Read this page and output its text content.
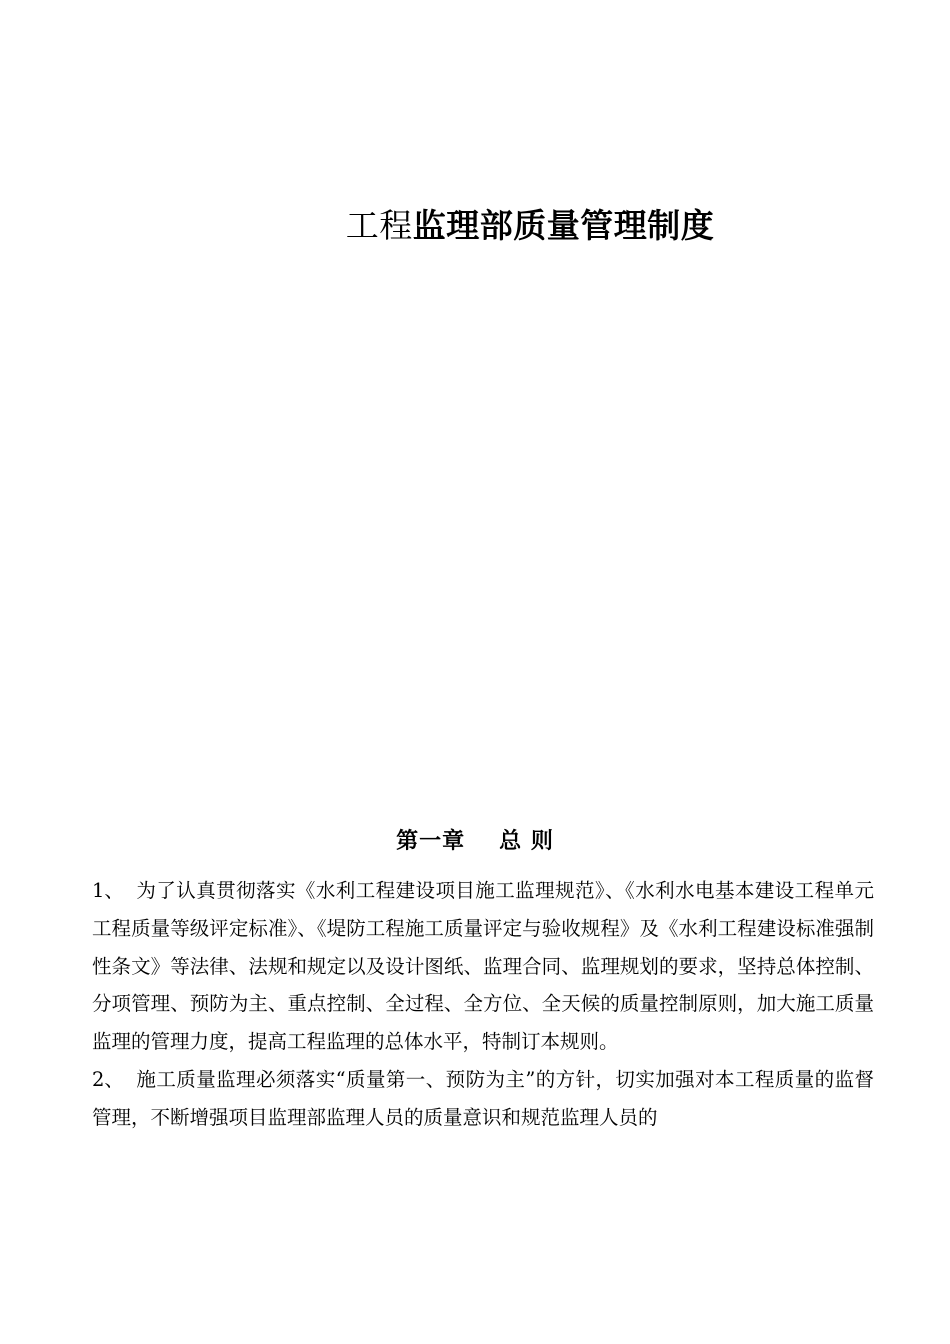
工程监理部质量管理制度
第一章 总 则

1、 为了认真贯彻落实《水利工程建设项目施工监理规范》、《水利水电基本建设工程单元工程质量等级评定标准》、《堤防工程施工质量评定与验收规程》及《水利工程建设标准强制性条文》等法律、法规和规定以及设计图纸、监理合同、监理规划的要求，坚持总体控制、分项管理、预防为主、重点控制、全过程、全方位、全天候的质量控制原则，加大施工质量监理的管理力度，提高工程监理的总体水平，特制订本规则。

2、 施工质量监理必须落实“质量第一、预防为主”的方针，切实加强对本工程质量的监督管理，不断增强项目监理部监理人员的质量意识和规范监理人员的
